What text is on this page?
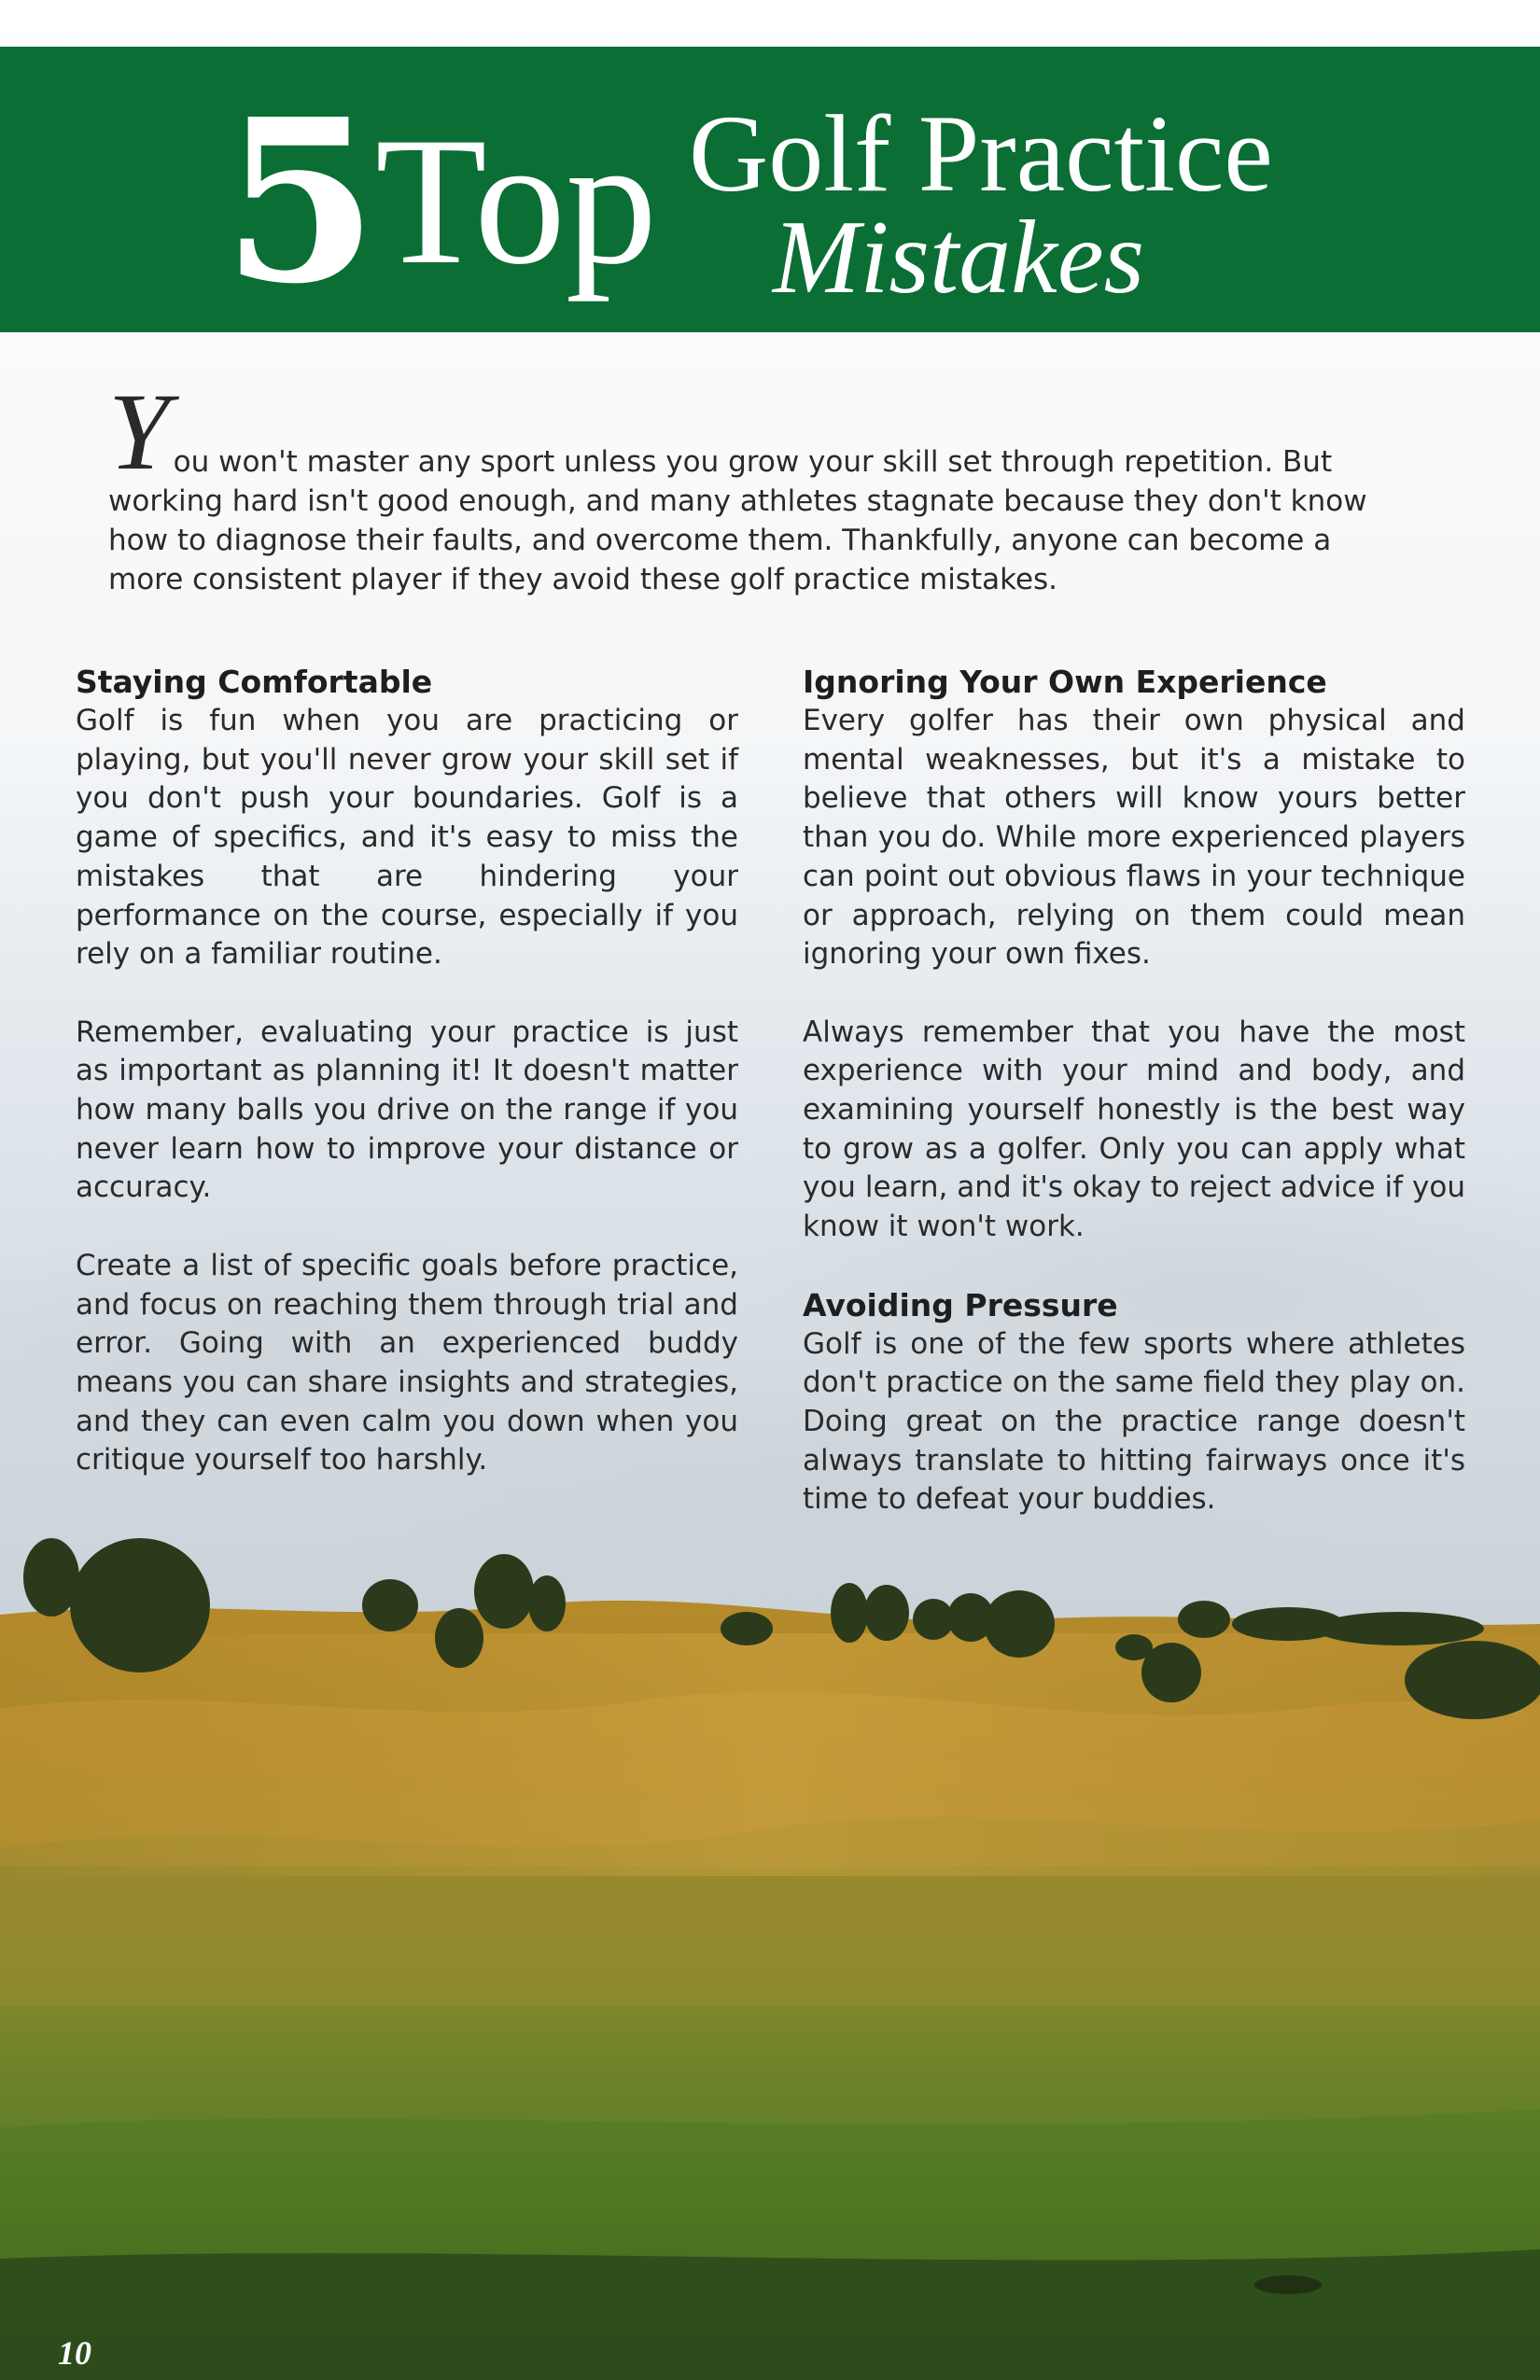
5 Top Golf Practice
Mistakes
Y ou won't master any sport unless you grow your skill set through repetition. But working hard isn't good enough, and many athletes stagnate because they don't know how to diagnose their faults, and overcome them. Thankfully, anyone can become a more consistent player if they avoid these golf practice mistakes.

Staying Comfortable

Golf is fun when you are practicing or playing, but you'll never grow your skill set if you don't push your boundaries. Golf is a game of specifics, and it's easy to miss the mistakes that are hindering your performance on the course, especially if you rely on a familiar routine.

Remember, evaluating your practice is just as important as planning it! It doesn't matter how many balls you drive on the range if you never learn how to improve your distance or accuracy.

Create a list of specific goals before practice, and focus on reaching them through trial and error. Going with an experienced buddy means you can share insights and strategies, and they can even calm you down when you critique yourself too harshly.

Ignoring Your Own Experience

Every golfer has their own physical and mental weaknesses, but it's a mistake to believe that others will know yours better than you do. While more experienced players can point out obvious flaws in your technique or approach, relying on them could mean ignoring your own fixes.

Always remember that you have the most experience with your mind and body, and examining yourself honestly is the best way to grow as a golfer. Only you can apply what you learn, and it's okay to reject advice if you know it won't work.

Avoiding Pressure

Golf is one of the few sports where athletes don't practice on the same field they play on. Doing great on the practice range doesn't always translate to hitting fairways once it's time to defeat your buddies.

10
